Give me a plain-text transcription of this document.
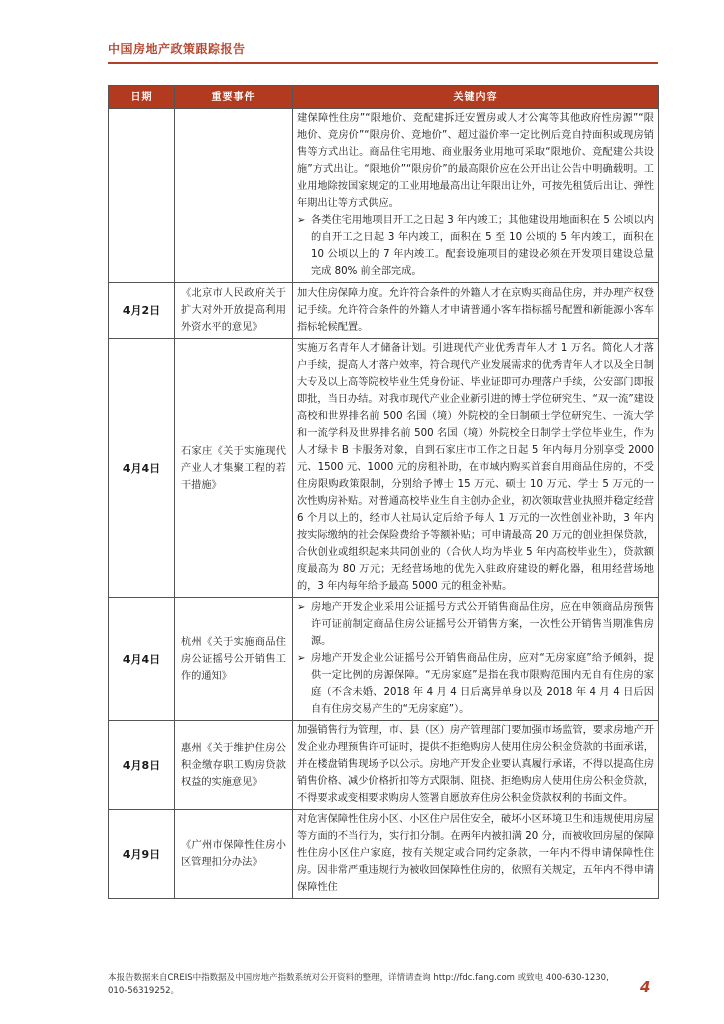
中国房地产政策跟踪报告
日期	重要事件	关键内容

		建保障性住房”“限地价、竞配建拆迁安置房或人才公寓等其他政府性房源”“限地价、竞房价”“限房价、竞地价”、超过溢价率一定比例后竞自持面积或现房销售等方式出让。商品住宅用地、商业服务业用地可采取“限地价、竞配建公共设施”方式出让。“限地价”“限房价”的最高限价应在公开出让公告中明确载明。工业用地除按国家规定的工业用地最高出让年限出让外，可按先租赁后出让、弹性年期出让等方式供应。

➢ 各类住宅用地项目开工之日起 3 年内竣工；其他建设用地面积在 5 公顷以内的自开工之日起 3 年内竣工，面积在 5 至 10 公顷的 5 年内竣工，面积在 10 公顷以上的 7 年内竣工。配套设施项目的建设必须在开发项目建设总量完成 80% 前全部完成。

4月2日	《北京市人民政府关于扩大对外开放提高利用外资水平的意见》	加大住房保障力度。允许符合条件的外籍人才在京购买商品住房，并办理产权登记手续。允许符合条件的外籍人才申请普通小客车指标摇号配置和新能源小客车指标轮候配置。

4月4日	石家庄《关于实施现代产业人才集聚工程的若干措施》	实施万名青年人才储备计划。引进现代产业优秀青年人才 1 万名。简化人才落户手续，提高人才落户效率，符合现代产业发展需求的优秀青年人才以及全日制大专及以上高等院校毕业生凭身份证、毕业证即可办理落户手续，公安部门即报即批，当日办结。对我市现代产业企业新引进的博士学位研究生、“双一流”建设高校和世界排名前 500 名国（境）外院校的全日制硕士学位研究生、一流大学和一流学科及世界排名前 500 名国（境）外院校全日制学士学位毕业生，作为人才绿卡 B 卡服务对象，自到石家庄市工作之日起 5 年内每月分别享受 2000 元、1500 元、1000 元的房租补助，在市域内购买首套自用商品住房的，不受住房限购政策限制，分别给予博士 15 万元、硕士 10 万元、学士 5 万元的一次性购房补贴。对普通高校毕业生自主创办企业，初次领取营业执照并稳定经营 6 个月以上的，经市人社局认定后给予每人 1 万元的一次性创业补助，3 年内按实际缴纳的社会保险费给予等额补贴；可申请最高 20 万元的创业担保贷款，合伙创业或组织起来共同创业的（合伙人均为毕业 5 年内高校毕业生），贷款额度最高为 80 万元；无经营场地的优先入驻政府建设的孵化器，租用经营场地的，3 年内每年给予最高 5000 元的租金补贴。

4月4日	杭州《关于实施商品住房公证摇号公开销售工作的通知》	➢ 房地产开发企业采用公证摇号方式公开销售商品住房，应在申领商品房预售许可证前制定商品住房公证摇号公开销售方案，一次性公开销售当期准售房源。
➢ 房地产开发企业公证摇号公开销售商品住房，应对“无房家庭”给予倾斜，提供一定比例的房源保障。“无房家庭”是指在我市限购范围内无自有住房的家庭（不含未婚、2018 年 4 月 4 日后离异单身以及 2018 年 4 月 4 日后因自有住房交易产生的“无房家庭”）。

4月8日	惠州《关于维护住房公积金缴存职工购房贷款权益的实施意见》	加强销售行为管理，市、县（区）房产管理部门要加强市场监管，要求房地产开发企业办理预售许可证时，提供不拒绝购房人使用住房公积金贷款的书面承诺，并在楼盘销售现场予以公示。房地产开发企业要认真履行承诺，不得以提高住房销售价格、减少价格折扣等方式限制、阻挠、拒绝购房人使用住房公积金贷款，不得要求或变相要求购房人签署自愿放弃住房公积金贷款权利的书面文件。

4月9日	《广州市保障性住房小区管理扣分办法》	对危害保障性住房小区、小区住户居住安全，破坏小区环境卫生和违规使用房屋等方面的不当行为，实行扣分制。在两年内被扣满 20 分，而被收回房屋的保障性住房小区住户家庭，按有关规定或合同约定条款，一年内不得申请保障性住房。因非常严重违规行为被收回保障性住房的，依照有关规定，五年内不得申请保障性住

本报告数据来自CREIS中指数据及中国房地产指数系统对公开资料的整理，详情请查询 http://fdc.fang.com 或致电 400-630-1230, 010-56319252。	4
